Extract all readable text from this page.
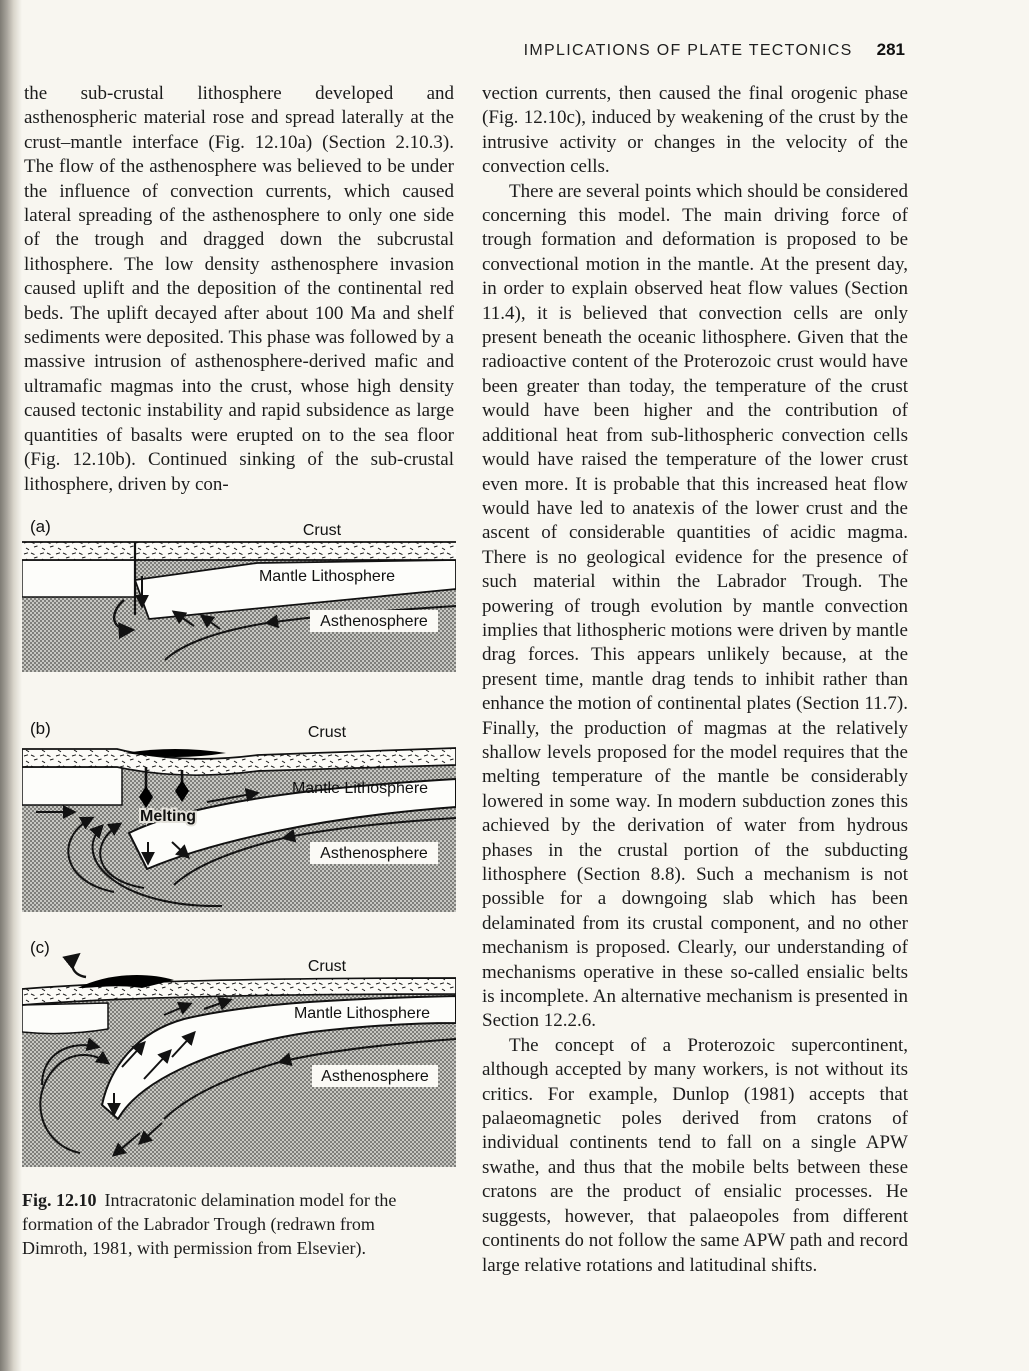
IMPLICATIONS OF PLATE TECTONICS 281

the sub-crustal lithosphere developed and asthenospheric material rose and spread laterally at the crust–mantle interface (Fig. 12.10a) (Section 2.10.3). The flow of the asthenosphere was believed to be under the influence of convection currents, which caused lateral spreading of the asthenosphere to only one side of the trough and dragged down the subcrustal lithosphere. The low density asthenosphere invasion caused uplift and the deposition of the continental red beds. The uplift decayed after about 100 Ma and shelf sediments were deposited. This phase was followed by a massive intrusion of asthenosphere-derived mafic and ultramafic magmas into the crust, whose high density caused tectonic instability and rapid subsidence as large quantities of basalts were erupted on to the sea floor (Fig. 12.10b). Continued sinking of the sub-crustal lithosphere, driven by con-

vection currents, then caused the final orogenic phase (Fig. 12.10c), induced by weakening of the crust by the intrusive activity or changes in the velocity of the convection cells.

There are several points which should be considered concerning this model. The main driving force of trough formation and deformation is proposed to be convectional motion in the mantle. At the present day, in order to explain observed heat flow values (Section 11.4), it is believed that convection cells are only present beneath the oceanic lithosphere. Given that the radioactive content of the Proterozoic crust would have been greater than today, the temperature of the crust would have been higher and the contribution of additional heat from sub-lithospheric convection cells would have raised the temperature of the lower crust even more. It is probable that this increased heat flow would have led to anatexis of the lower crust and the ascent of considerable quantities of acidic magma. There is no geological evidence for the presence of such material within the Labrador Trough. The powering of trough evolution by mantle convection implies that lithospheric motions were driven by mantle drag forces. This appears unlikely because, at the present time, mantle drag tends to inhibit rather than enhance the motion of continental plates (Section 11.7). Finally, the production of magmas at the relatively shallow levels proposed for the model requires that the melting temperature of the mantle be considerably lowered in some way. In modern subduction zones this achieved by the derivation of water from hydrous phases in the crustal portion of the subducting lithosphere (Section 8.8). Such a mechanism is not possible for a downgoing slab which has been delaminated from its crustal component, and no other mechanism is proposed. Clearly, our understanding of mechanisms operative in these so-called ensialic belts is incomplete. An alternative mechanism is presented in Section 12.2.6.

The concept of a Proterozoic supercontinent, although accepted by many workers, is not without its critics. For example, Dunlop (1981) accepts that palaeomagnetic poles derived from cratons of individual continents tend to fall on a single APW swathe, and thus that the mobile belts between these cratons are the product of ensialic processes. He suggests, however, that palaeopoles from different continents do not follow the same APW path and record large relative rotations and latitudinal shifts.

(a)	Crust
Mantle Lithosphere
Asthenosphere
(b)	Crust
Melting
Mantle Lithosphere
Asthenosphere
(c)
Crust
Mantle Lithosphere
Asthenosphere
Fig. 12.10 Intracratonic delamination model for the formation of the Labrador Trough (redrawn from Dimroth, 1981, with permission from Elsevier).
